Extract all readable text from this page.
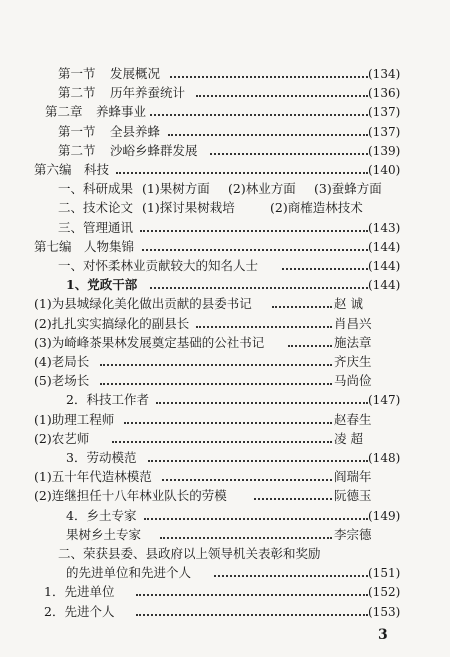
第一节 发展概况	(134)
第二节 历年养蚕统计	(136)
第二章 养蜂事业	(137)
第一节 全县养蜂	(137)
第二节 沙峪乡蜂群发展	(139)
第六编 科技	(140)
一、科研成果 (1)果树方面 (2)林业方面 (3)蚕蜂方面
二、技术论文 (1)探讨果树栽培	(2)商榷造林技术
三、管理通讯	(143)
第七编 人物集锦	(144)
一、对怀柔林业贡献较大的知名人士	(144)
1、党政干部	(144)
(1)为县城绿化美化做出贡献的县委书记	赵 诚
(2)扎扎实实搞绿化的副县长	肖昌兴
(3)为崎峰茶果林发展奠定基础的公社书记	施法章
(4)老局长	齐庆生
(5)老场长	马尚俭
2．科技工作者	(147)
(1)助理工程师	赵春生
(2)农艺师	凌 超
3．劳动模范	(148)
(1)五十年代造林模范	阎瑞年
(2)连继担任十八年林业队长的劳模	阮德玉
3
4．乡土专家	(149)
果树乡土专家	李宗德
二、荣获县委、县政府以上领导机关表彰和奖励
的先进单位和先进个人	(151)
1．先进单位	(152)
2．先进个人	(153)
